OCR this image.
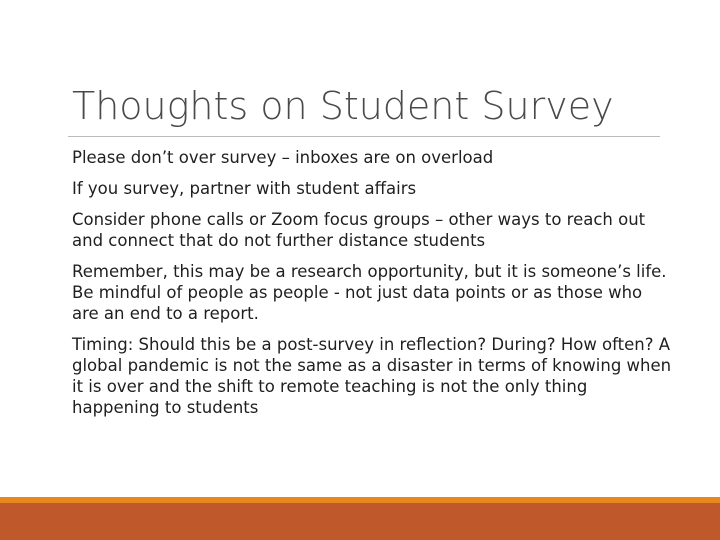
Thoughts on Student Survey
Please don’t over survey – inboxes are on overload
If you survey, partner with student affairs
Consider phone calls or Zoom focus groups – other ways to reach out and connect that do not further distance students
Remember, this may be a research opportunity, but it is someone’s life. Be mindful of people as people - not just data points or as those who are an end to a report.
Timing: Should this be a post-survey in reflection? During? How often? A global pandemic is not the same as a disaster in terms of knowing when it is over and the shift to remote teaching is not the only thing happening to students
